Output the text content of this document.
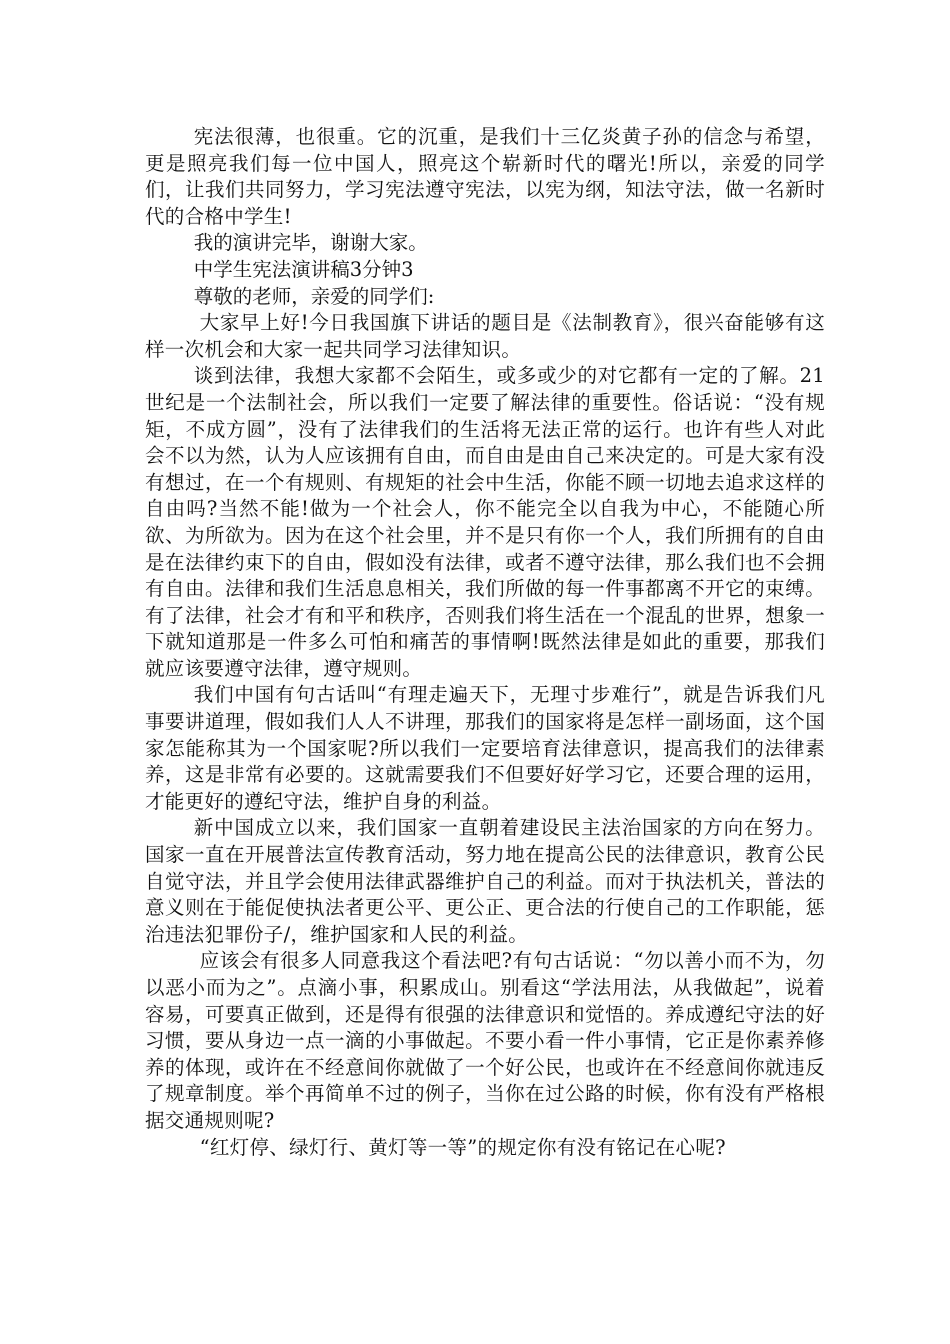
宪法很薄，也很重。它的沉重，是我们十三亿炎黄子孙的信念与希望，更是照亮我们每一位中国人，照亮这个崭新时代的曙光!所以，亲爱的同学们，让我们共同努力，学习宪法遵守宪法，以宪为纲，知法守法，做一名新时代的合格中学生!

我的演讲完毕，谢谢大家。

中学生宪法演讲稿3分钟3

尊敬的老师，亲爱的同学们:

大家早上好!今日我国旗下讲话的题目是《法制教育》，很兴奋能够有这样一次机会和大家一起共同学习法律知识。

谈到法律，我想大家都不会陌生，或多或少的对它都有一定的了解。21世纪是一个法制社会，所以我们一定要了解法律的重要性。俗话说：“没有规矩，不成方圆”，没有了法律我们的生活将无法正常的运行。也许有些人对此会不以为然，认为人应该拥有自由，而自由是由自己来决定的。可是大家有没有想过，在一个有规则、有规矩的社会中生活，你能不顾一切地去追求这样的自由吗?当然不能!做为一个社会人，你不能完全以自我为中心，不能随心所欲、为所欲为。因为在这个社会里，并不是只有你一个人，我们所拥有的自由是在法律约束下的自由，假如没有法律，或者不遵守法律，那么我们也不会拥有自由。法律和我们生活息息相关，我们所做的每一件事都离不开它的束缚。有了法律，社会才有和平和秩序，否则我们将生活在一个混乱的世界，想象一下就知道那是一件多么可怕和痛苦的事情啊!既然法律是如此的重要，那我们就应该要遵守法律，遵守规则。

我们中国有句古话叫“有理走遍天下，无理寸步难行”，就是告诉我们凡事要讲道理，假如我们人人不讲理，那我们的国家将是怎样一副场面，这个国家怎能称其为一个国家呢?所以我们一定要培育法律意识，提高我们的法律素养，这是非常有必要的。这就需要我们不但要好好学习它，还要合理的运用，才能更好的遵纪守法，维护自身的利益。

新中国成立以来，我们国家一直朝着建设民主法治国家的方向在努力。国家一直在开展普法宣传教育活动，努力地在提高公民的法律意识，教育公民自觉守法，并且学会使用法律武器维护自己的利益。而对于执法机关，普法的意义则在于能促使执法者更公平、更公正、更合法的行使自己的工作职能，惩治违法犯罪份子/，维护国家和人民的利益。

应该会有很多人同意我这个看法吧?有句古话说：“勿以善小而不为，勿以恶小而为之”。点滴小事，积累成山。别看这“学法用法，从我做起”，说着容易，可要真正做到，还是得有很强的法律意识和觉悟的。养成遵纪守法的好习惯，要从身边一点一滴的小事做起。不要小看一件小事情，它正是你素养修养的体现，或许在不经意间你就做了一个好公民，也或许在不经意间你就违反了规章制度。举个再简单不过的例子，当你在过公路的时候，你有没有严格根据交通规则呢?

“红灯停、绿灯行、黄灯等一等”的规定你有没有铭记在心呢?
